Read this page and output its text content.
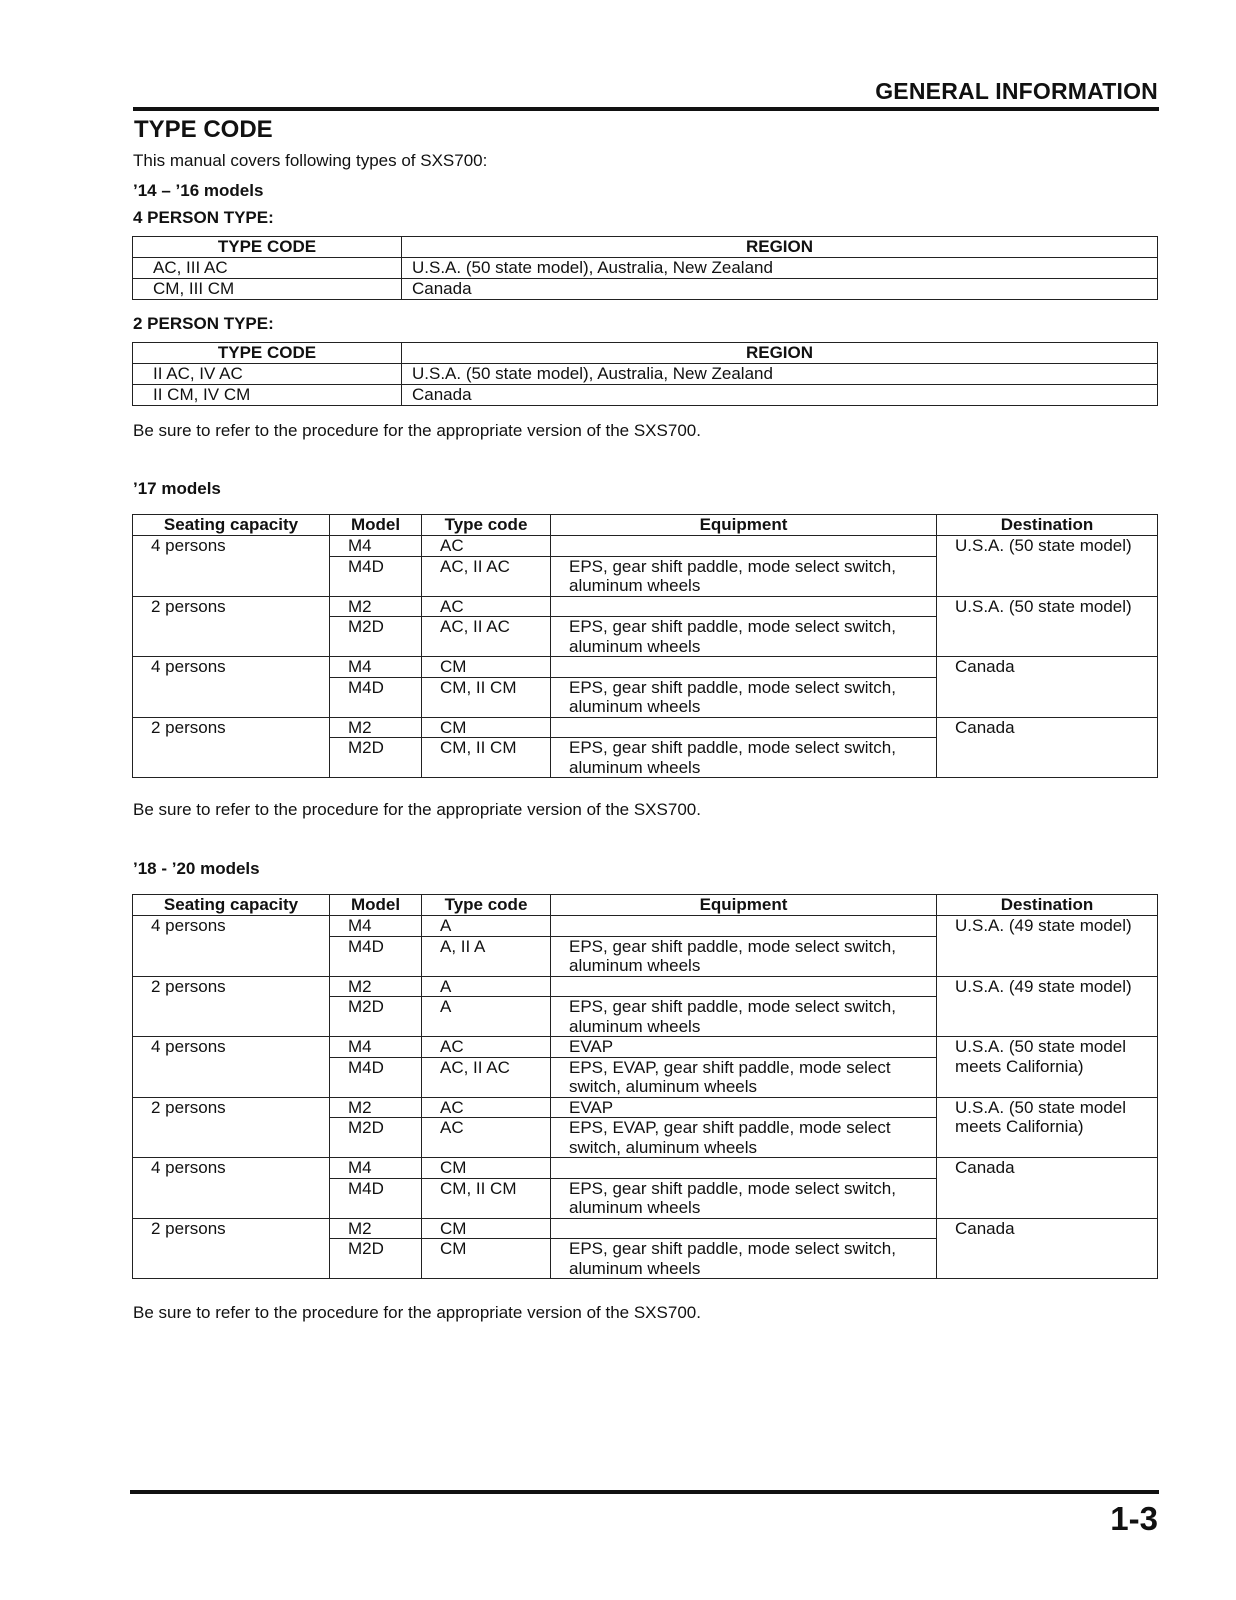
GENERAL INFORMATION
TYPE CODE

This manual covers following types of SXS700:

’14 – ’16 models

4 PERSON TYPE:

TYPE CODE	REGION
AC, III AC	U.S.A. (50 state model), Australia, New Zealand
CM, III CM	Canada

2 PERSON TYPE:

TYPE CODE	REGION
II AC, IV AC	U.S.A. (50 state model), Australia, New Zealand
II CM, IV CM	Canada

Be sure to refer to the procedure for the appropriate version of the SXS700.

’17 models

Seating capacity	Model	Type code	Equipment	Destination
4 persons	M4	AC		U.S.A. (50 state model)
	M4D	AC, II AC	EPS, gear shift paddle, mode select switch, aluminum wheels	
2 persons	M2	AC		U.S.A. (50 state model)
	M2D	AC, II AC	EPS, gear shift paddle, mode select switch, aluminum wheels	
4 persons	M4	CM		Canada
	M4D	CM, II CM	EPS, gear shift paddle, mode select switch, aluminum wheels	
2 persons	M2	CM		Canada
	M2D	CM, II CM	EPS, gear shift paddle, mode select switch, aluminum wheels	

Be sure to refer to the procedure for the appropriate version of the SXS700.

’18 - ’20 models

Seating capacity	Model	Type code	Equipment	Destination
4 persons	M4	A		U.S.A. (49 state model)
	M4D	A, II A	EPS, gear shift paddle, mode select switch, aluminum wheels	
2 persons	M2	A		U.S.A. (49 state model)
	M2D	A	EPS, gear shift paddle, mode select switch, aluminum wheels	
4 persons	M4	AC	EVAP	U.S.A. (50 state model meets California)
	M4D	AC, II AC	EPS, EVAP, gear shift paddle, mode select switch, aluminum wheels	
2 persons	M2	AC	EVAP	U.S.A. (50 state model meets California)
	M2D	AC	EPS, EVAP, gear shift paddle, mode select switch, aluminum wheels	
4 persons	M4	CM		Canada
	M4D	CM, II CM	EPS, gear shift paddle, mode select switch, aluminum wheels	
2 persons	M2	CM		Canada
	M2D	CM	EPS, gear shift paddle, mode select switch, aluminum wheels	

Be sure to refer to the procedure for the appropriate version of the SXS700.

1-3
